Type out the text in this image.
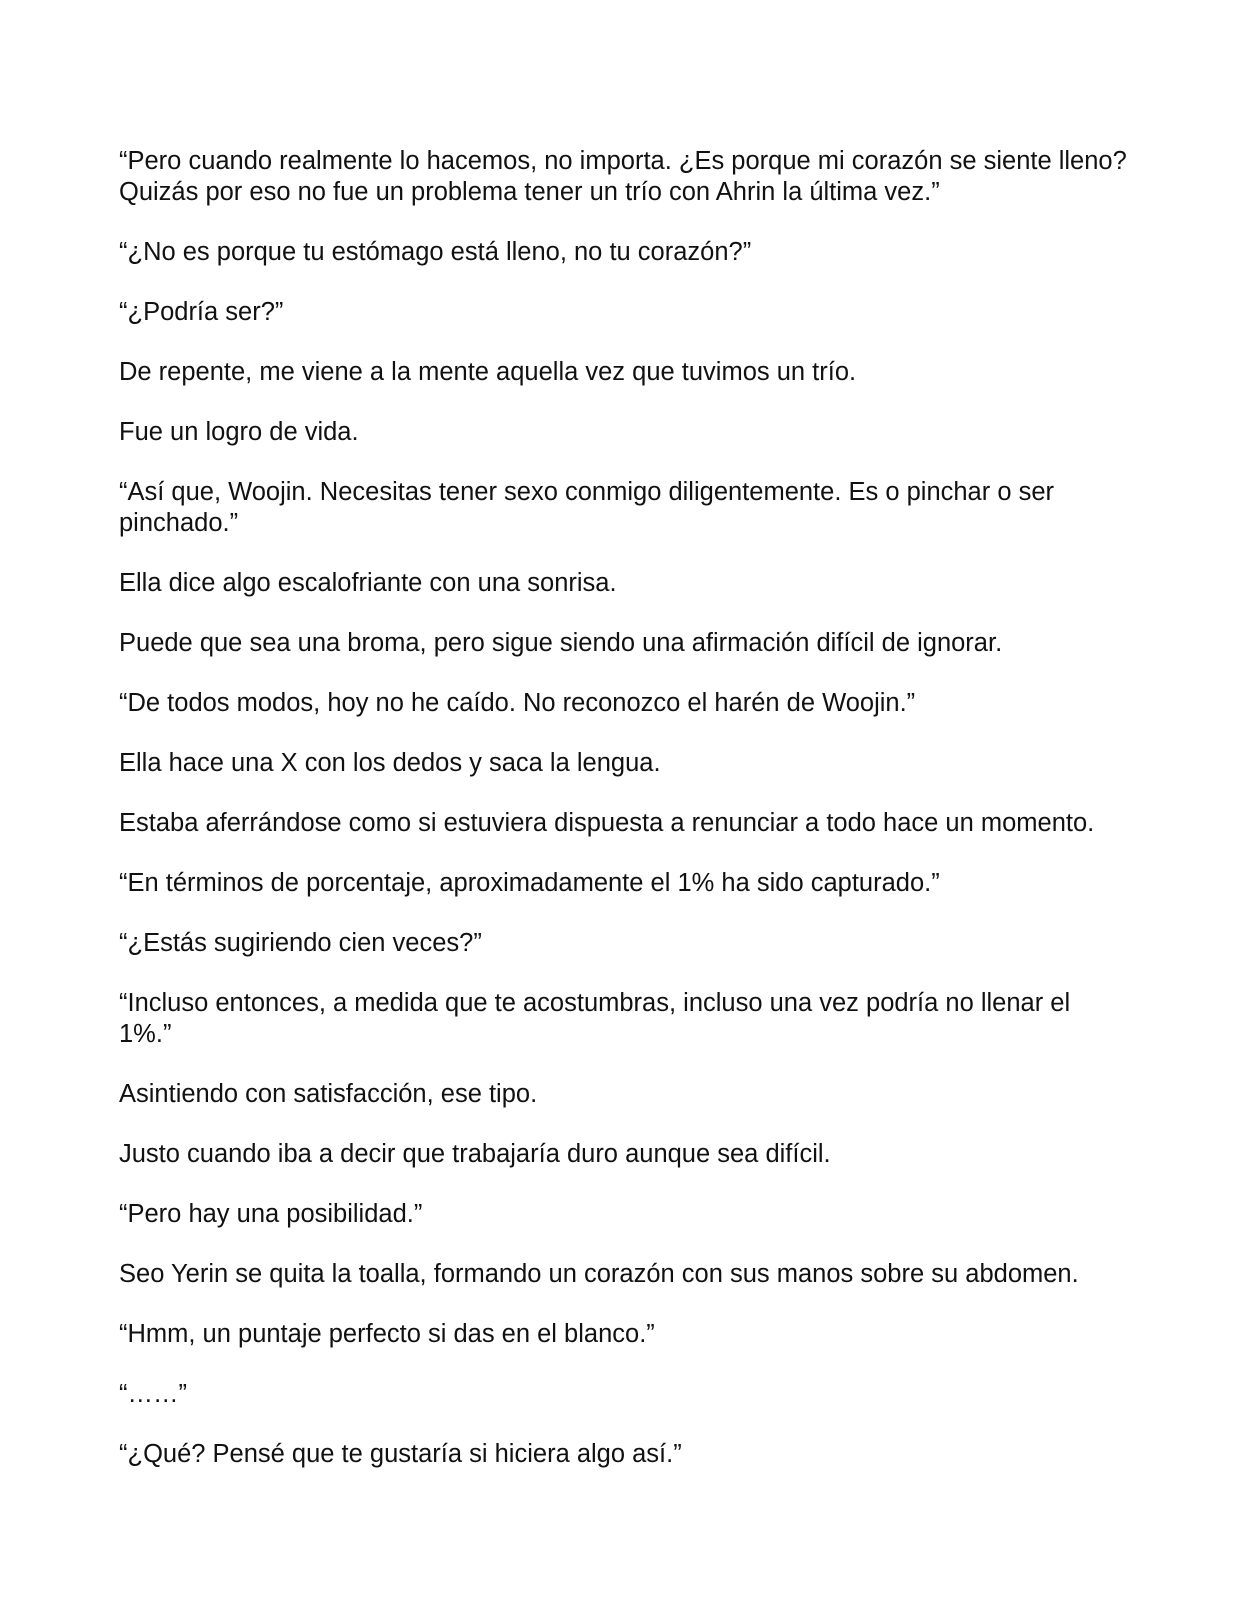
“Pero cuando realmente lo hacemos, no importa. ¿Es porque mi corazón se siente lleno? Quizás por eso no fue un problema tener un trío con Ahrin la última vez.”

“¿No es porque tu estómago está lleno, no tu corazón?”

“¿Podría ser?”

De repente, me viene a la mente aquella vez que tuvimos un trío.

Fue un logro de vida.

“Así que, Woojin. Necesitas tener sexo conmigo diligentemente. Es o pinchar o ser pinchado.”

Ella dice algo escalofriante con una sonrisa.

Puede que sea una broma, pero sigue siendo una afirmación difícil de ignorar.

“De todos modos, hoy no he caído. No reconozco el harén de Woojin.”

Ella hace una X con los dedos y saca la lengua.

Estaba aferrándose como si estuviera dispuesta a renunciar a todo hace un momento.

“En términos de porcentaje, aproximadamente el 1% ha sido capturado.”

“¿Estás sugiriendo cien veces?”

“Incluso entonces, a medida que te acostumbras, incluso una vez podría no llenar el 1%.”

Asintiendo con satisfacción, ese tipo.

Justo cuando iba a decir que trabajaría duro aunque sea difícil.

“Pero hay una posibilidad.”

Seo Yerin se quita la toalla, formando un corazón con sus manos sobre su abdomen.

“Hmm, un puntaje perfecto si das en el blanco.”

“……”

“¿Qué? Pensé que te gustaría si hiciera algo así.”
